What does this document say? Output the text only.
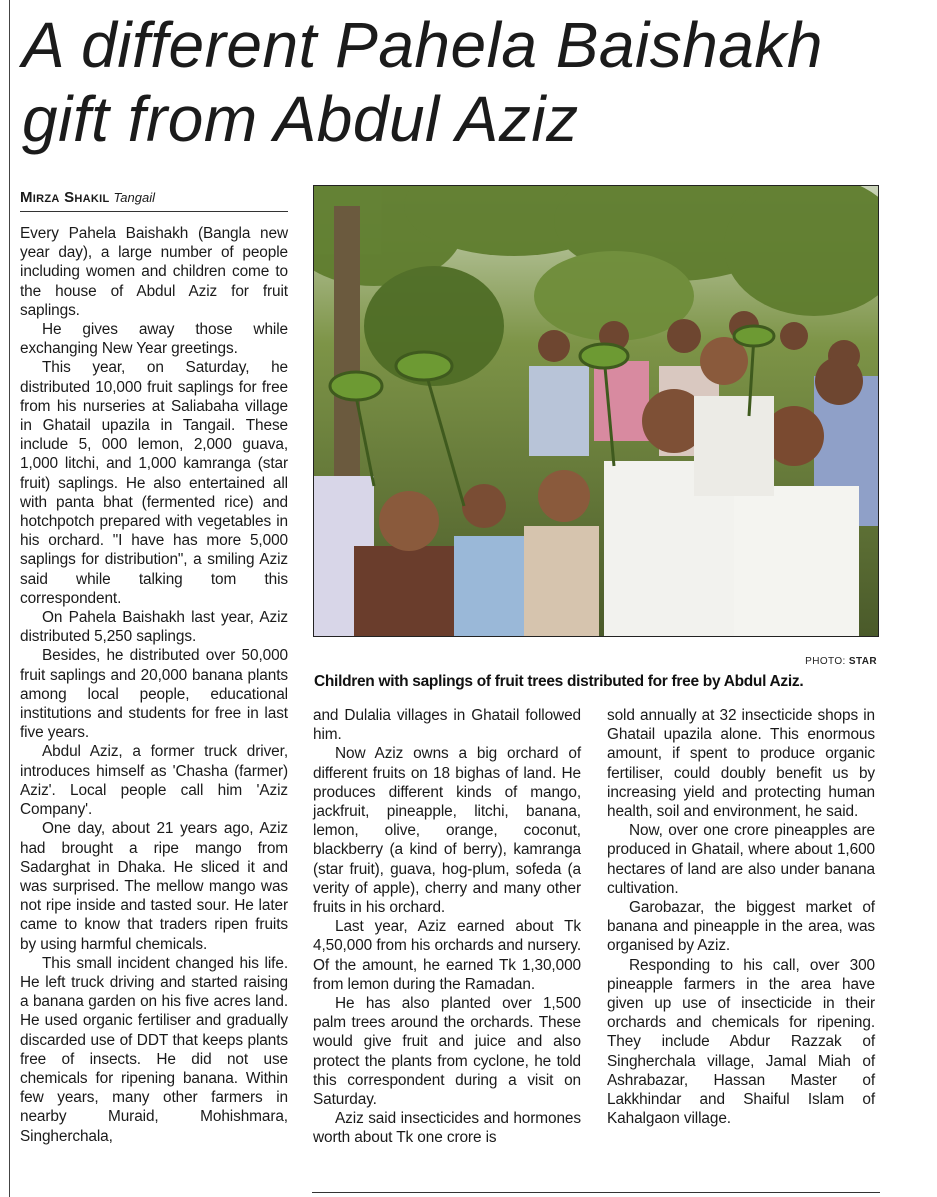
A different Pahela Baishakh
gift from Abdul Aziz
Mirza Shakil Tangail
PHOTO: STAR

Children with saplings of fruit trees distributed for free by Abdul Aziz.

Every Pahela Baishakh (Bangla new year day), a large number of people including women and children come to the house of Abdul Aziz for fruit saplings.

He gives away those while exchanging New Year greetings.

This year, on Saturday, he distributed 10,000 fruit saplings for free from his nurseries at Saliabaha village in Ghatail upazila in Tangail. These include 5, 000 lemon, 2,000 guava, 1,000 litchi, and 1,000 kamranga (star fruit) saplings. He also entertained all with panta bhat (fermented rice) and hotchpotch prepared with vegetables in his orchard. "I have has more 5,000 saplings for distribution", a smiling Aziz said while talking tom this correspondent.

On Pahela Baishakh last year, Aziz distributed 5,250 saplings.

Besides, he distributed over 50,000 fruit saplings and 20,000 banana plants among local people, educational institutions and students for free in last five years.

Abdul Aziz, a former truck driver, introduces himself as 'Chasha (farmer) Aziz'. Local people call him 'Aziz Company'.

One day, about 21 years ago, Aziz had brought a ripe mango from Sadarghat in Dhaka. He sliced it and was surprised. The mellow mango was not ripe inside and tasted sour. He later came to know that traders ripen fruits by using harmful chemicals.

This small incident changed his life. He left truck driving and started raising a banana garden on his five acres land. He used organic fertiliser and gradually discarded use of DDT that keeps plants free of insects. He did not use chemicals for ripening banana. Within few years, many other farmers in nearby Muraid, Mohishmara, Singherchala,

and Dulalia villages in Ghatail followed him.

Now Aziz owns a big orchard of different fruits on 18 bighas of land. He produces different kinds of mango, jackfruit, pineapple, litchi, banana, lemon, olive, orange, coconut, blackberry (a kind of berry), kamranga (star fruit), guava, hog-plum, sofeda (a verity of apple), cherry and many other fruits in his orchard.

Last year, Aziz earned about Tk 4,50,000 from his orchards and nursery. Of the amount, he earned Tk 1,30,000 from lemon during the Ramadan.

He has also planted over 1,500 palm trees around the orchards. These would give fruit and juice and also protect the plants from cyclone, he told this correspondent during a visit on Saturday.

Aziz said insecticides and hormones worth about Tk one crore is

sold annually at 32 insecticide shops in Ghatail upazila alone. This enormous amount, if spent to produce organic fertiliser, could doubly benefit us by increasing yield and protecting human health, soil and environment, he said.

Now, over one crore pineapples are produced in Ghatail, where about 1,600 hectares of land are also under banana cultivation.

Garobazar, the biggest market of banana and pineapple in the area, was organised by Aziz.

Responding to his call, over 300 pineapple farmers in the area have given up use of insecticide in their orchards and chemicals for ripening. They include Abdur Razzak of Singherchala village, Jamal Miah of Ashrabazar, Hassan Master of Lakkhindar and Shaiful Islam of Kahalgaon village.
